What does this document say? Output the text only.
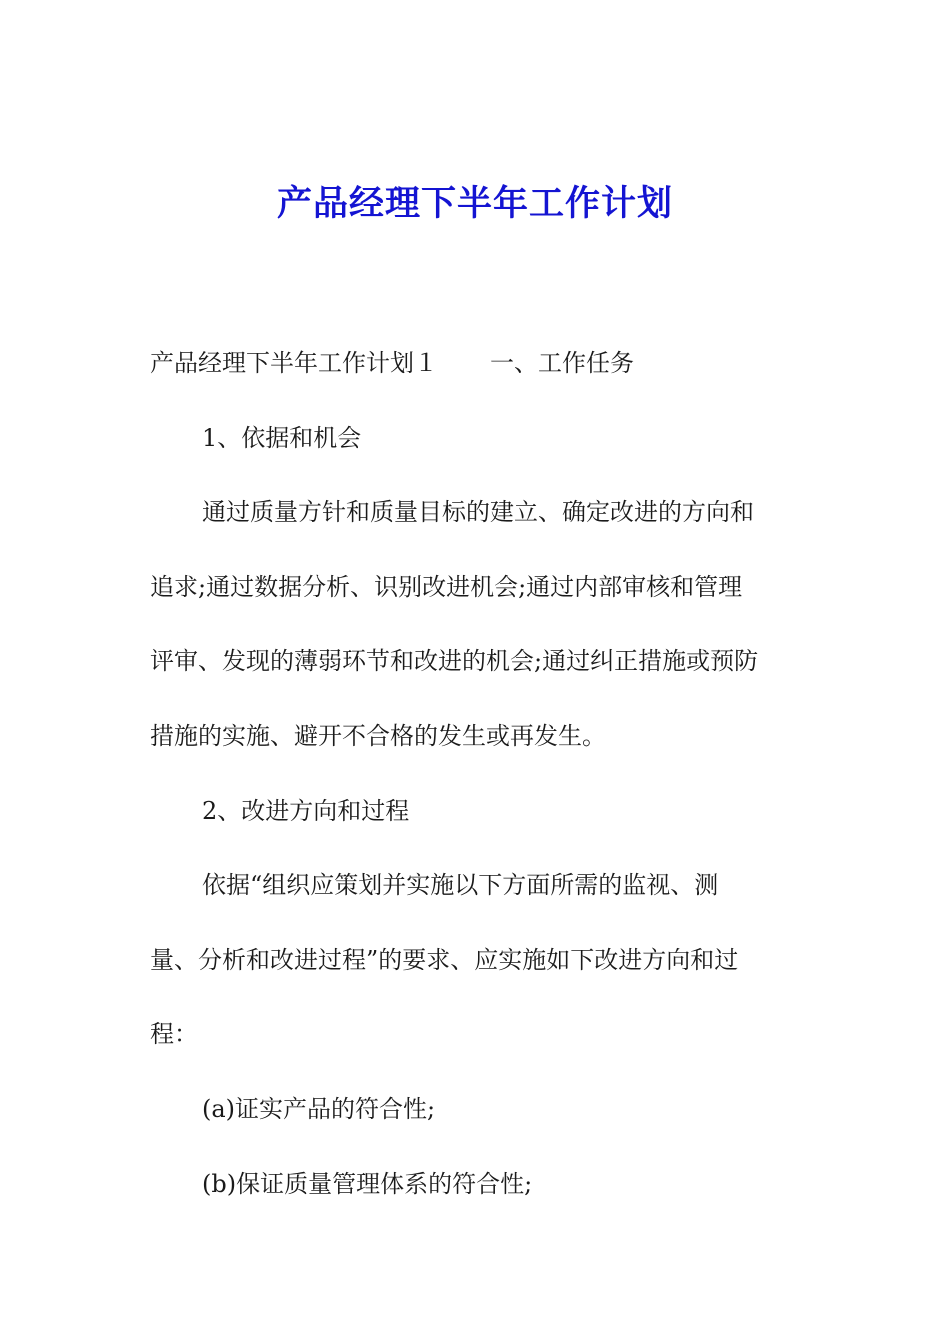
产品经理下半年工作计划
产品经理下半年工作计划１ 一、工作任务
1、依据和机会
通过质量方针和质量目标的建立、确定改进的方向和
追求;通过数据分析、识别改进机会;通过内部审核和管理
评审、发现的薄弱环节和改进的机会;通过纠正措施或预防
措施的实施、避开不合格的发生或再发生。
2、改进方向和过程
依据“组织应策划并实施以下方面所需的监视、测
量、分析和改进过程”的要求、应实施如下改进方向和过
程：
(a)证实产品的符合性;
(b)保证质量管理体系的符合性;
